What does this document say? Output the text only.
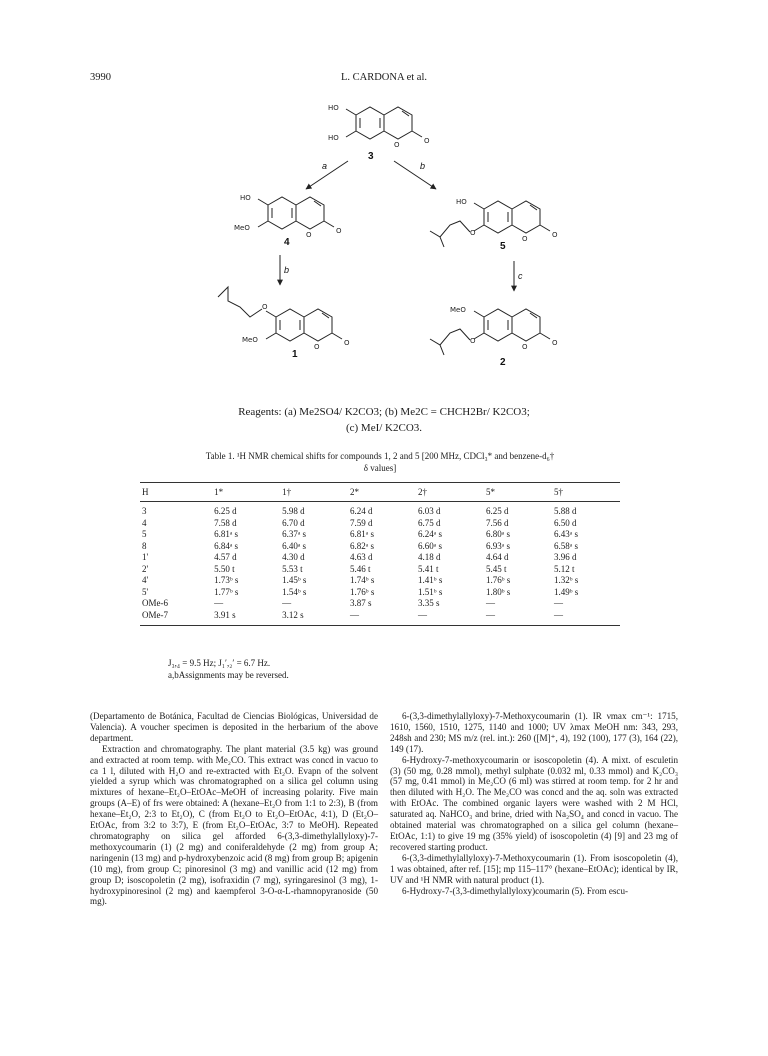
3990	L. CARDONA et al.
HO
HO
O	O
3
a	b
HO
MeO
O	O
4
HO
O
O	O
5
b
c
O
MeO
O	O
1
MeO
O
O	O
2
Reagents: (a) Me2SO4/ K2CO3; (b) Me2C = CHCH2Br/ K2CO3;
(c) MeI/ K2CO3.
Table 1. ¹H NMR chemical shifts for compounds 1, 2 and 5 [200 MHz, CDCl₃* and benzene-d₆†
δ values]
H	1*	1†	2*	2†	5*	5†
3	6.25 d	5.98 d	6.24 d	6.03 d	6.25 d	5.88 d
4	7.58 d	6.70 d	7.59 d	6.75 d	7.56 d	6.50 d
5	6.81ᵃ s	6.37ᵃ s	6.81ᵃ s	6.24ᵃ s	6.80ᵃ s	6.43ᵃ s
8	6.84ᵃ s	6.40ᵃ s	6.82ᵃ s	6.60ᵃ s	6.93ᵃ s	6.58ᵃ s
1'	4.57 d	4.30 d	4.63 d	4.18 d	4.64 d	3.96 d
2'	5.50 t	5.53 t	5.46 t	5.41 t	5.45 t	5.12 t
4'	1.73ᵇ s	1.45ᵇ s	1.74ᵇ s	1.41ᵇ s	1.76ᵇ s	1.32ᵇ s
5'	1.77ᵇ s	1.54ᵇ s	1.76ᵇ s	1.51ᵇ s	1.80ᵇ s	1.49ᵇ s
OMe-6	—	—	3.87 s	3.35 s	—	—
OMe-7	3.91 s	3.12 s	—	—	—	—
J₃,₄ = 9.5 Hz; J₁′,₂′ = 6.7 Hz.
a,bAssignments may be reversed.

(Departamento de Botánica, Facultad de Ciencias Biológicas, Universidad de Valencia). A voucher specimen is deposited in the herbarium of the above department.

Extraction and chromatography. The plant material (3.5 kg) was ground and extracted at room temp. with Me₂CO. This extract was concd in vacuo to ca 1 l, diluted with H₂O and re-extracted with Et₂O. Evapn of the solvent yielded a syrup which was chromatographed on a silica gel column using mixtures of hexane–Et₂O–EtOAc–MeOH of increasing polarity. Five main groups (A–E) of frs were obtained: A (hexane–Et₂O from 1:1 to 2:3), B (from hexane–Et₂O, 2:3 to Et₂O), C (from Et₂O to Et₂O–EtOAc, 4:1), D (Et₂O–EtOAc, from 3:2 to 3:7), E (from Et₂O–EtOAc, 3:7 to MeOH). Repeated chromatography on silica gel afforded 6-(3,3-dimethylallyloxy)-7-methoxycoumarin (1) (2 mg) and coniferaldehyde (2 mg) from group A; naringenin (13 mg) and p-hydroxybenzoic acid (8 mg) from group B; apigenin (10 mg), from group C; pinoresinol (3 mg) and vanillic acid (12 mg) from group D; isoscopoletin (2 mg), isofraxidin (7 mg), syringaresinol (3 mg), 1-hydroxypinoresinol (2 mg) and kaempferol 3-O-α-L-rhamnopyranoside (50 mg).

6-(3,3-dimethylallyloxy)-7-Methoxycoumarin (1). IR νmax cm⁻¹: 1715, 1610, 1560, 1510, 1275, 1140 and 1000; UV λmax MeOH nm: 343, 293, 248sh and 230; MS m/z (rel. int.): 260 ([M]⁺, 4), 192 (100), 177 (3), 164 (22), 149 (17).

6-Hydroxy-7-methoxycoumarin or isoscopoletin (4). A mixt. of esculetin (3) (50 mg, 0.28 mmol), methyl sulphate (0.032 ml, 0.33 mmol) and K₂CO₃ (57 mg, 0.41 mmol) in Me₂CO (6 ml) was stirred at room temp. for 2 hr and then diluted with H₂O. The Me₂CO was concd and the aq. soln was extracted with EtOAc. The combined organic layers were washed with 2 M HCl, saturated aq. NaHCO₃ and brine, dried with Na₂SO₄ and concd in vacuo. The obtained material was chromatographed on a silica gel column (hexane–EtOAc, 1:1) to give 19 mg (35% yield) of isoscopoletin (4) [9] and 23 mg of recovered starting product.

6-(3,3-dimethylallyloxy)-7-Methoxycoumarin (1). From isoscopoletin (4), 1 was obtained, after ref. [15]; mp 115–117° (hexane–EtOAc); identical by IR, UV and ¹H NMR with natural product (1).

6-Hydroxy-7-(3,3-dimethylallyloxy)coumarin (5). From escu-
